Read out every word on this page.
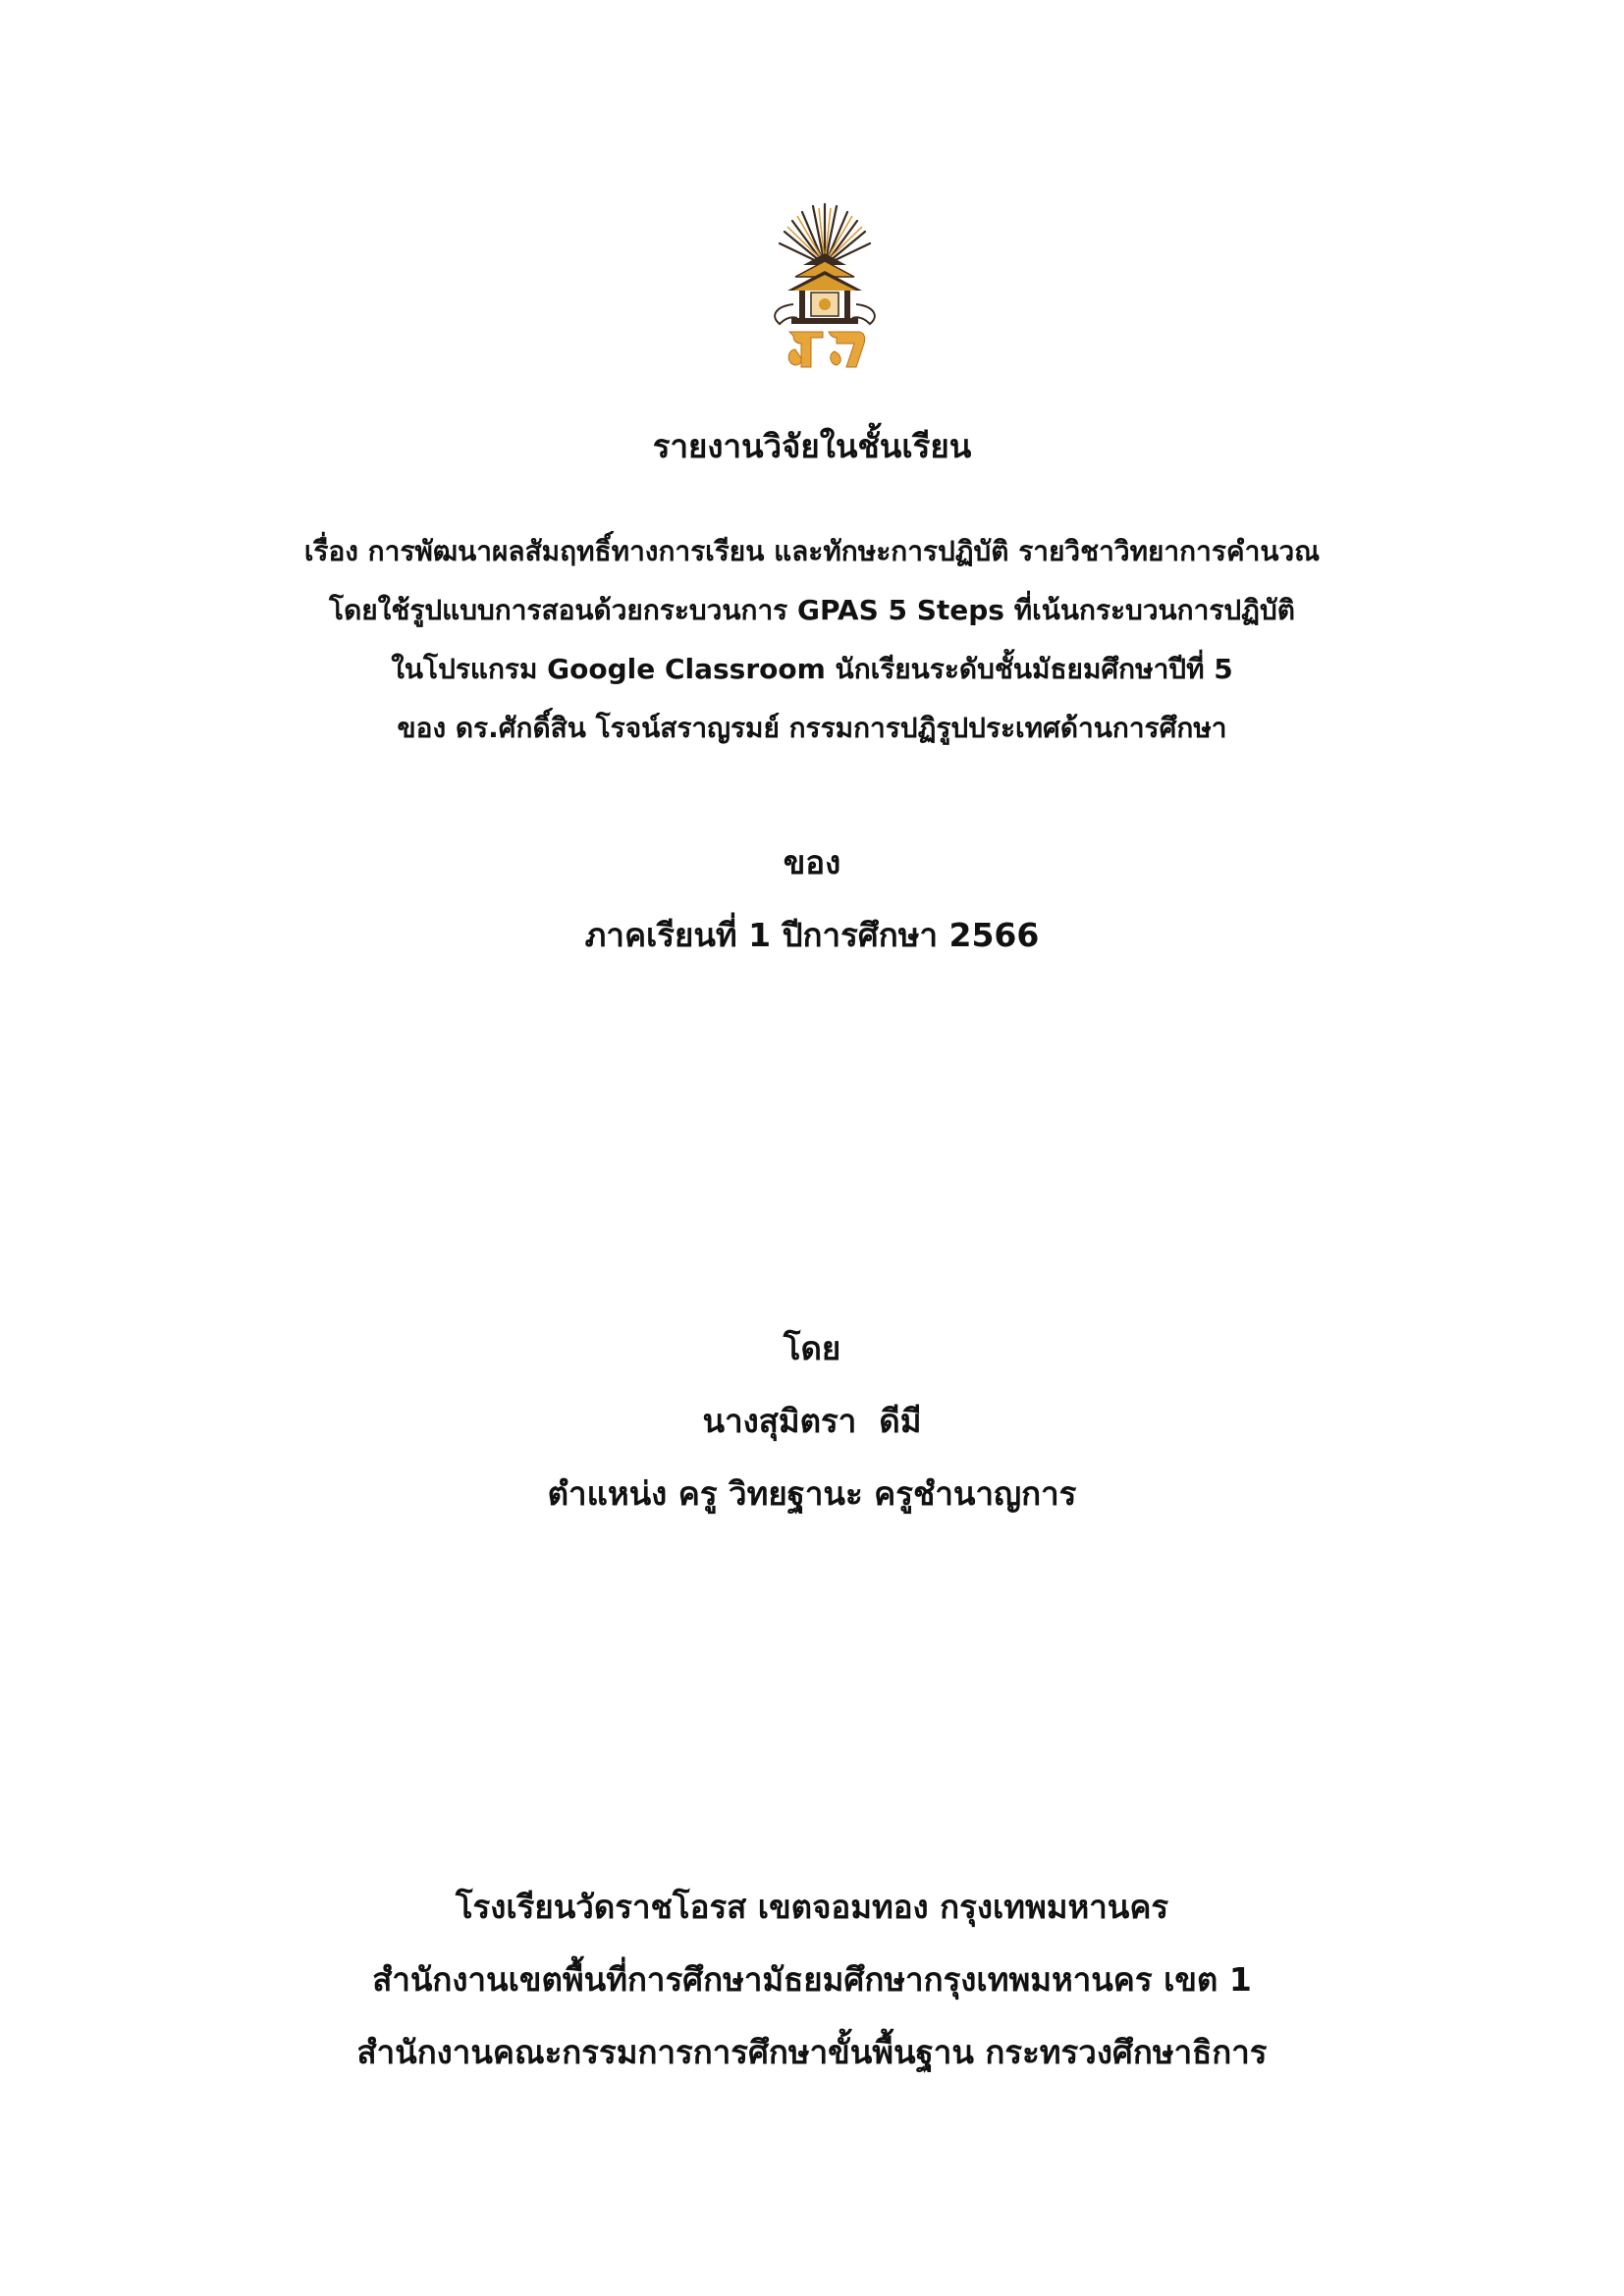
รายงานวิจัยในชั้นเรียน
เรื่อง การพัฒนาผลสัมฤทธิ์ทางการเรียน และทักษะการปฏิบัติ รายวิชาวิทยาการคำนวณ
โดยใช้รูปแบบการสอนด้วยกระบวนการ GPAS 5 Steps ที่เน้นกระบวนการปฏิบัติ
ในโปรแกรม Google Classroom นักเรียนระดับชั้นมัธยมศึกษาปีที่ 5
ของ ดร.ศักดิ์สิน โรจน์สราญรมย์ กรรมการปฏิรูปประเทศด้านการศึกษา
ของ
ภาคเรียนที่ 1 ปีการศึกษา 2566
โดย
นางสุมิตรา  ดีมี
ตำแหน่ง ครู วิทยฐานะ ครูชำนาญการ
โรงเรียนวัดราชโอรส เขตจอมทอง กรุงเทพมหานคร
สำนักงานเขตพื้นที่การศึกษามัธยมศึกษากรุงเทพมหานคร เขต 1
สำนักงานคณะกรรมการการศึกษาขั้นพื้นฐาน กระทรวงศึกษาธิการ
